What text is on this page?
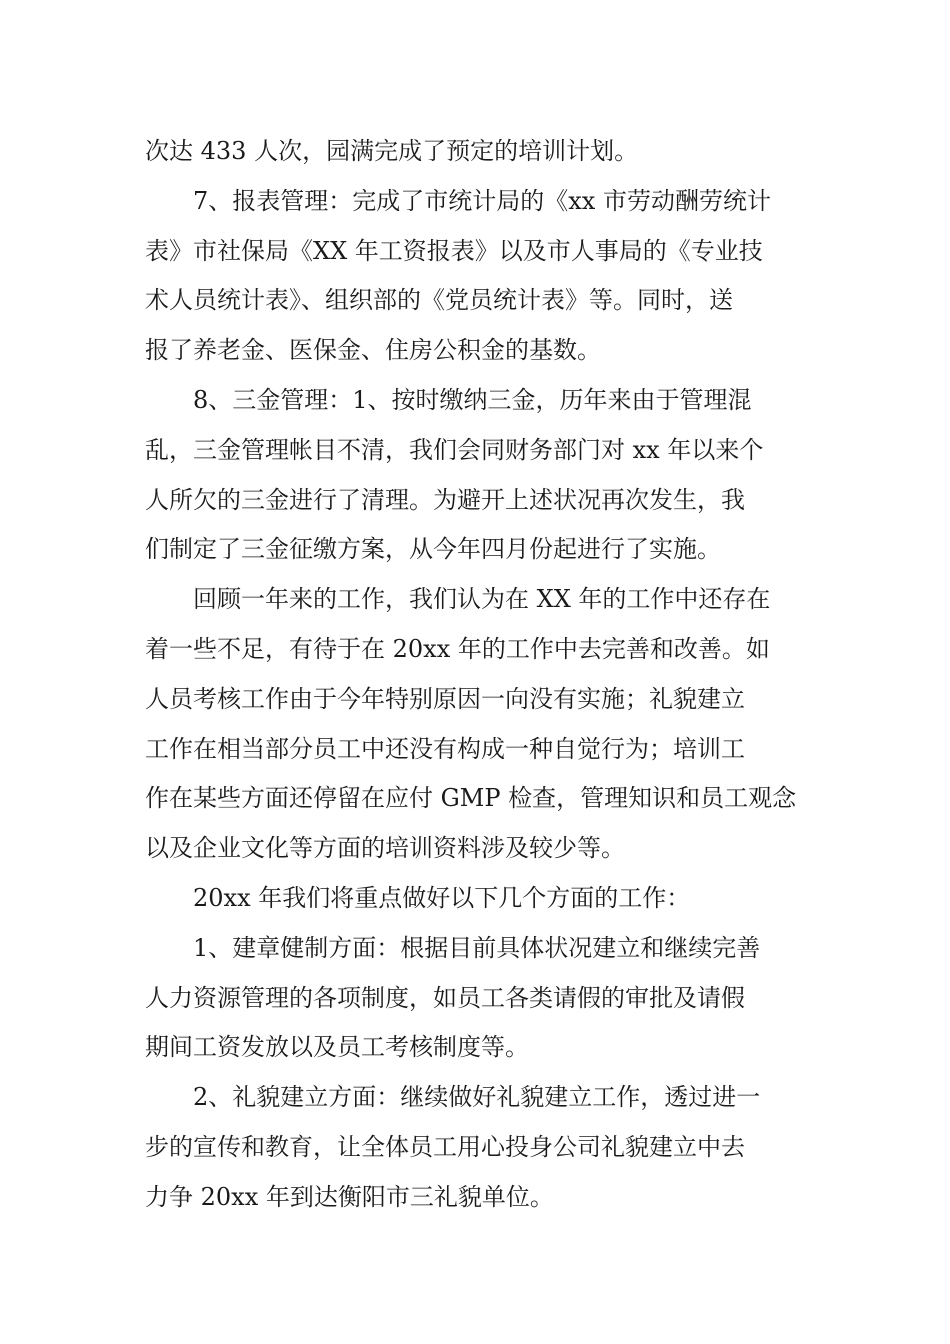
次达 433 人次，园满完成了预定的培训计划。
7、报表管理：完成了市统计局的《xx 市劳动酬劳统计
表》市社保局《XX 年工资报表》以及市人事局的《专业技
术人员统计表》、组织部的《党员统计表》等。同时，送
报了养老金、医保金、住房公积金的基数。
8、三金管理：1、按时缴纳三金，历年来由于管理混
乱，三金管理帐目不清，我们会同财务部门对 xx 年以来个
人所欠的三金进行了清理。为避开上述状况再次发生，我
们制定了三金征缴方案，从今年四月份起进行了实施。
回顾一年来的工作，我们认为在 XX 年的工作中还存在
着一些不足，有待于在 20xx 年的工作中去完善和改善。如
人员考核工作由于今年特别原因一向没有实施；礼貌建立
工作在相当部分员工中还没有构成一种自觉行为；培训工
作在某些方面还停留在应付 GMP 检查，管理知识和员工观念
以及企业文化等方面的培训资料涉及较少等。
20xx 年我们将重点做好以下几个方面的工作：
1、建章健制方面：根据目前具体状况建立和继续完善
人力资源管理的各项制度，如员工各类请假的审批及请假
期间工资发放以及员工考核制度等。
2、礼貌建立方面：继续做好礼貌建立工作，透过进一
步的宣传和教育，让全体员工用心投身公司礼貌建立中去
力争 20xx 年到达衡阳市三礼貌单位。
